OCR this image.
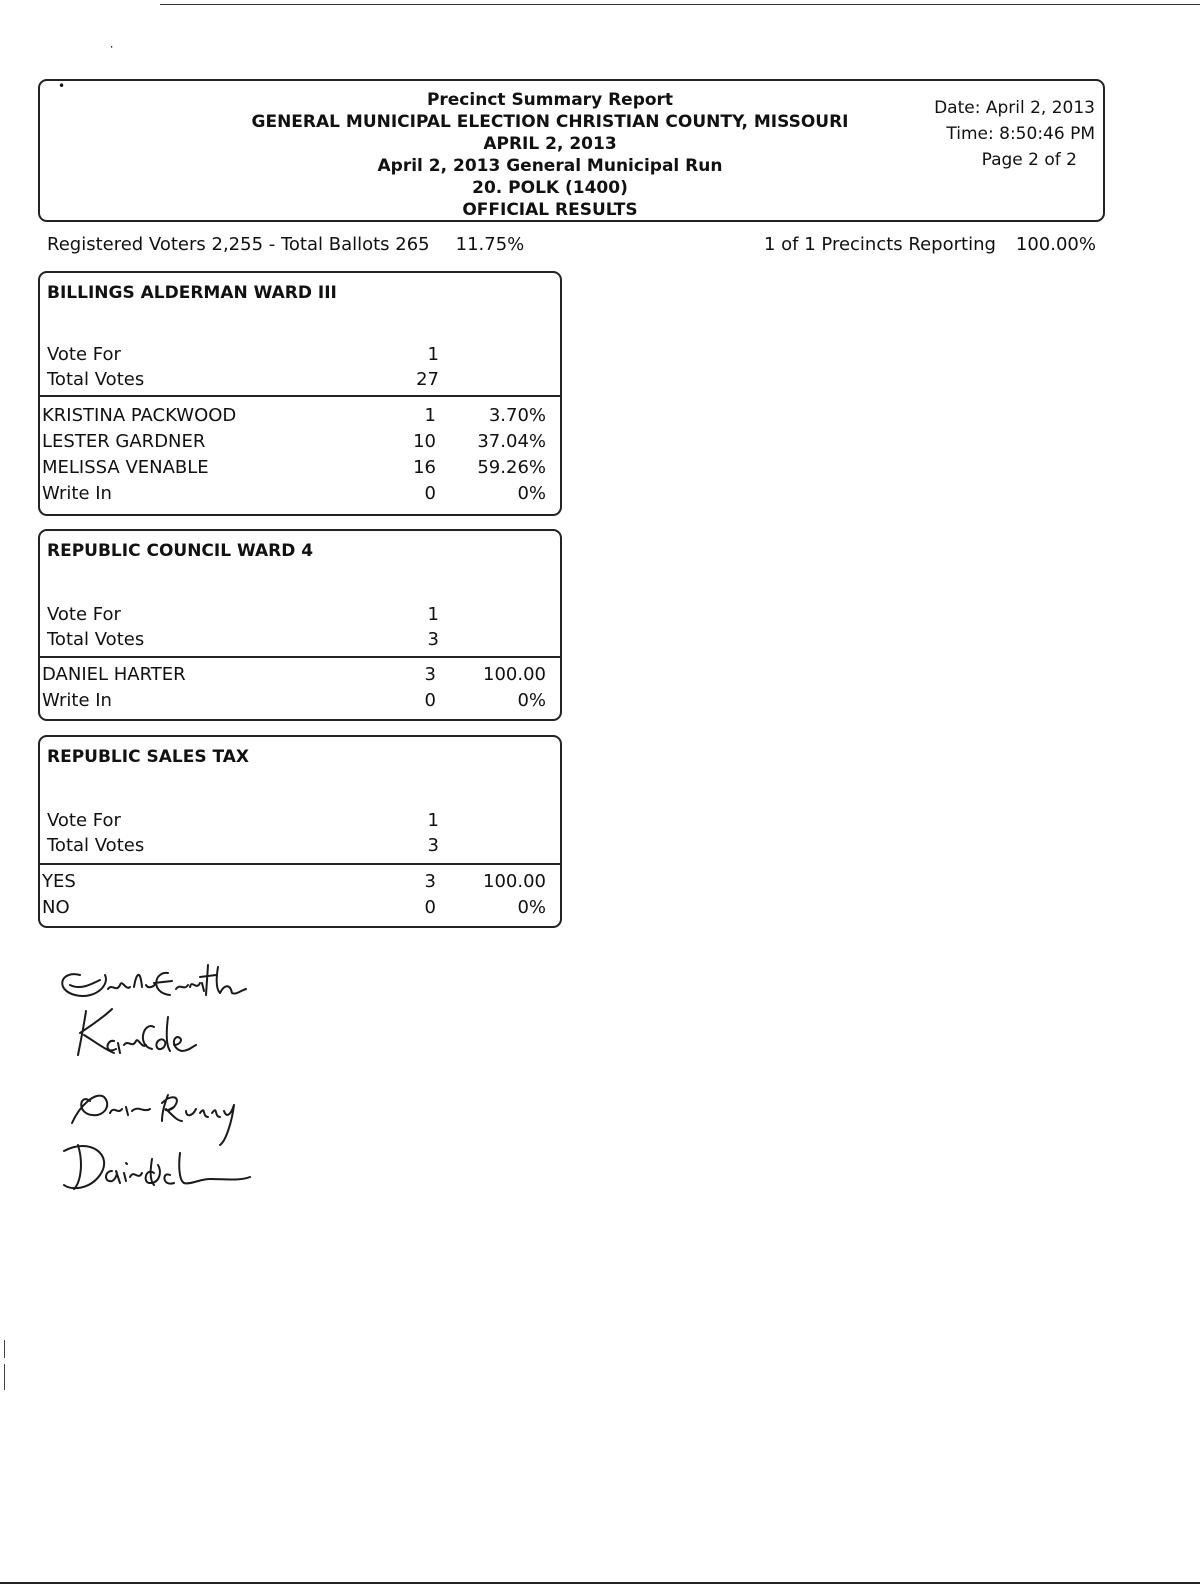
⸱
•
Precinct Summary Report
GENERAL MUNICIPAL ELECTION CHRISTIAN COUNTY, MISSOURI
APRIL 2, 2013
April 2, 2013 General Municipal Run
20. POLK (1400)
OFFICIAL RESULTS
Date: April 2, 2013
Time: 8:50:46 PM
Page 2 of 2
Registered Voters 2,255 - Total Ballots 265 11.75%	1 of 1 Precincts Reporting 100.00%
BILLINGS ALDERMAN WARD III
Vote For	1
Total Votes	27
KRISTINA PACKWOOD	1	3.70%
LESTER GARDNER	10 37.04%
MELISSA VENABLE	16 59.26%
Write In	0	0%
REPUBLIC COUNCIL WARD 4
Vote For	1
Total Votes	3
DANIEL HARTER	3	100.00
Write In	0	0%
REPUBLIC SALES TAX
Vote For	1
Total Votes	3
YES	3	100.00
NO	0	0%
